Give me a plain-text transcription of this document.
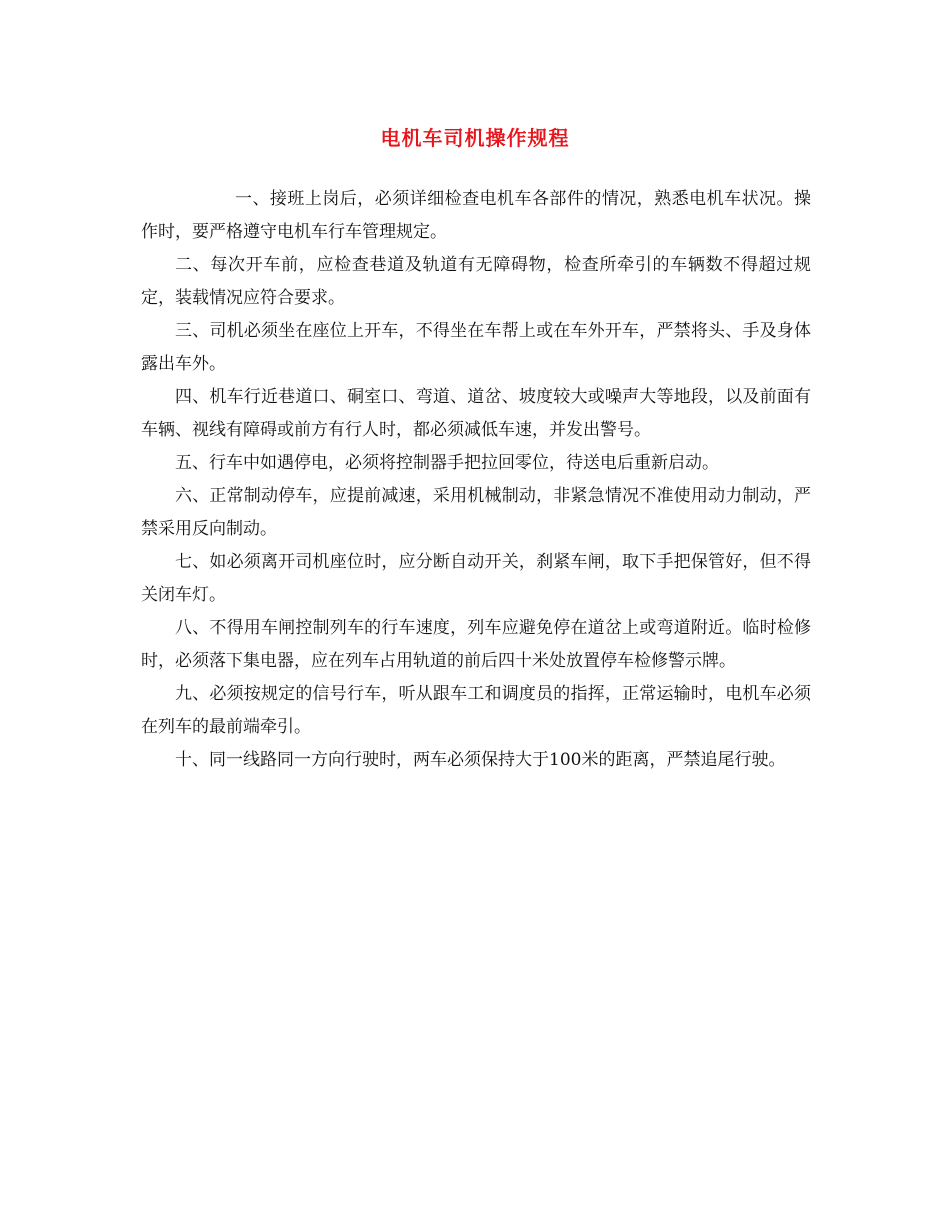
电机车司机操作规程

一、接班上岗后，必须详细检查电机车各部件的情况，熟悉电机车状况。操作时，要严格遵守电机车行车管理规定。

二、每次开车前，应检查巷道及轨道有无障碍物，检查所牵引的车辆数不得超过规定，装载情况应符合要求。

三、司机必须坐在座位上开车，不得坐在车帮上或在车外开车，严禁将头、手及身体露出车外。

四、机车行近巷道口、硐室口、弯道、道岔、坡度较大或噪声大等地段，以及前面有车辆、视线有障碍或前方有行人时，都必须减低车速，并发出警号。

五、行车中如遇停电，必须将控制器手把拉回零位，待送电后重新启动。

六、正常制动停车，应提前减速，采用机械制动，非紧急情况不准使用动力制动，严禁采用反向制动。

七、如必须离开司机座位时，应分断自动开关，刹紧车闸，取下手把保管好，但不得关闭车灯。

八、不得用车闸控制列车的行车速度，列车应避免停在道岔上或弯道附近。临时检修时，必须落下集电器，应在列车占用轨道的前后四十米处放置停车检修警示牌。

九、必须按规定的信号行车，听从跟车工和调度员的指挥，正常运输时，电机车必须在列车的最前端牵引。

十、同一线路同一方向行驶时，两车必须保持大于100米的距离，严禁追尾行驶。
